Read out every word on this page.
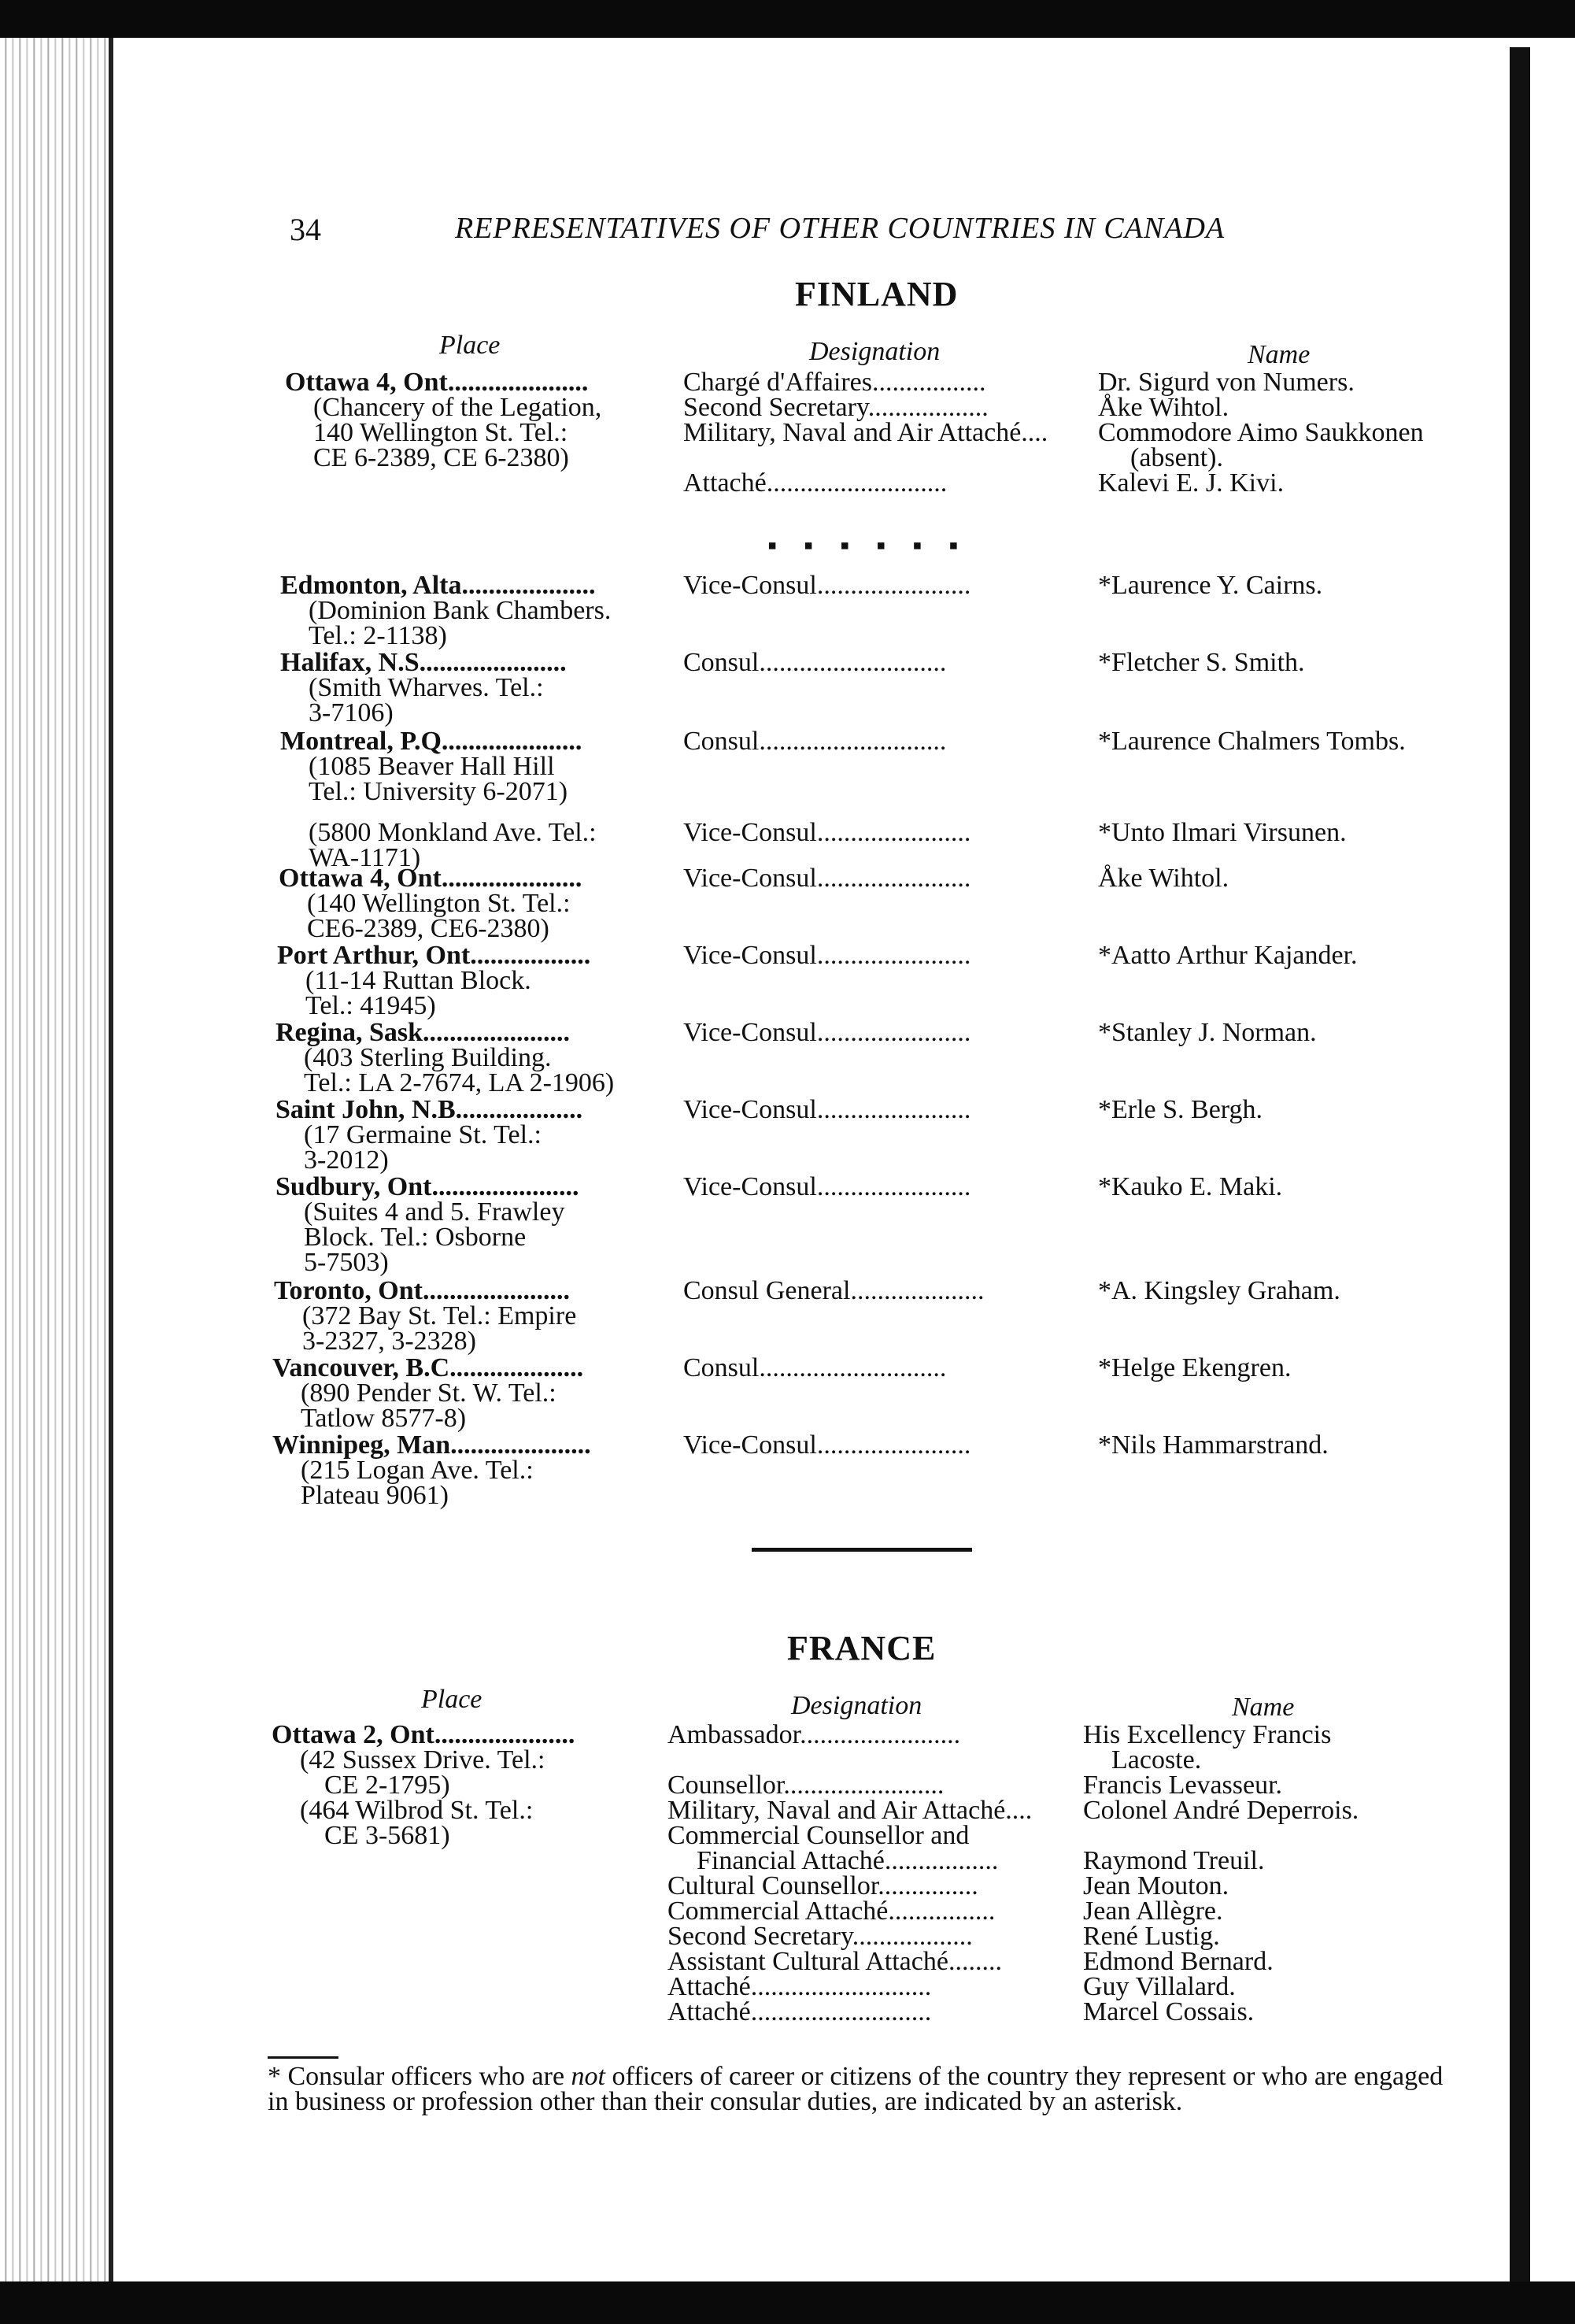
34	REPRESENTATIVES OF OTHER COUNTRIES IN CANADA
FINLAND
Place	Designation	Name
Ottawa 4, Ont.....................
(Chancery of the Legation,
140 Wellington St. Tel.:
CE 6-2389, CE 6-2380)
Chargé d'Affaires.................	Dr. Sigurd von Numers.
Second Secretary..................	Åke Wihtol.
Military, Naval and Air Attaché.... Commodore Aimo Saukkonen
(absent).
Attaché...........................	Kalevi E. J. Kivi.
Edmonton, Alta....................
(Dominion Bank Chambers.
Tel.: 2-1138)
Vice-Consul.......................	*Laurence Y. Cairns.
Halifax, N.S......................
(Smith Wharves. Tel.:
3-7106)
Consul............................	*Fletcher S. Smith.
Montreal, P.Q.....................
(1085 Beaver Hall Hill
Tel.: University 6-2071)
Consul............................	*Laurence Chalmers Tombs.
(5800 Monkland Ave. Tel.:
WA-1171)
Vice-Consul.......................	*Unto Ilmari Virsunen.
Ottawa 4, Ont.....................
(140 Wellington St. Tel.:
CE6-2389, CE6-2380)
Vice-Consul.......................	Åke Wihtol.
Port Arthur, Ont..................
(11-14 Ruttan Block.
Tel.: 41945)
Vice-Consul.......................	*Aatto Arthur Kajander.
Regina, Sask......................
(403 Sterling Building.
Tel.: LA 2-7674, LA 2-1906)
Vice-Consul.......................	*Stanley J. Norman.
Saint John, N.B...................
(17 Germaine St. Tel.:
3-2012)
Vice-Consul.......................	*Erle S. Bergh.
Sudbury, Ont......................
(Suites 4 and 5. Frawley
Block. Tel.: Osborne
5-7503)
Vice-Consul.......................	*Kauko E. Maki.
Toronto, Ont......................
(372 Bay St. Tel.: Empire
3-2327, 3-2328)
Consul General....................	*A. Kingsley Graham.
Vancouver, B.C....................
(890 Pender St. W. Tel.:
Tatlow 8577-8)
Consul............................	*Helge Ekengren.
Winnipeg, Man.....................
(215 Logan Ave. Tel.:
Plateau 9061)
Vice-Consul.......................	*Nils Hammarstrand.
▪▪▪▪▪▪
FRANCE
Place	Designation	Name
Ottawa 2, Ont.....................
(42 Sussex Drive. Tel.:
CE 2-1795)
(464 Wilbrod St. Tel.:
CE 3-5681)
Ambassador........................	His Excellency Francis
Lacoste.
Counsellor........................	Francis Levasseur.
Military, Naval and Air Attaché.... Colonel André Deperrois.
Commercial Counsellor and
Financial Attaché.................	Raymond Treuil.
Cultural Counsellor...............	Jean Mouton.
Commercial Attaché................	Jean Allègre.
Second Secretary..................	René Lustig.
Assistant Cultural Attaché........	Edmond Bernard.
Attaché...........................	Guy Villalard.
Attaché...........................	Marcel Cossais.
* Consular officers who are not officers of career or citizens of the country they represent or who are engaged in business or profession other than their consular duties, are indicated by an asterisk.
